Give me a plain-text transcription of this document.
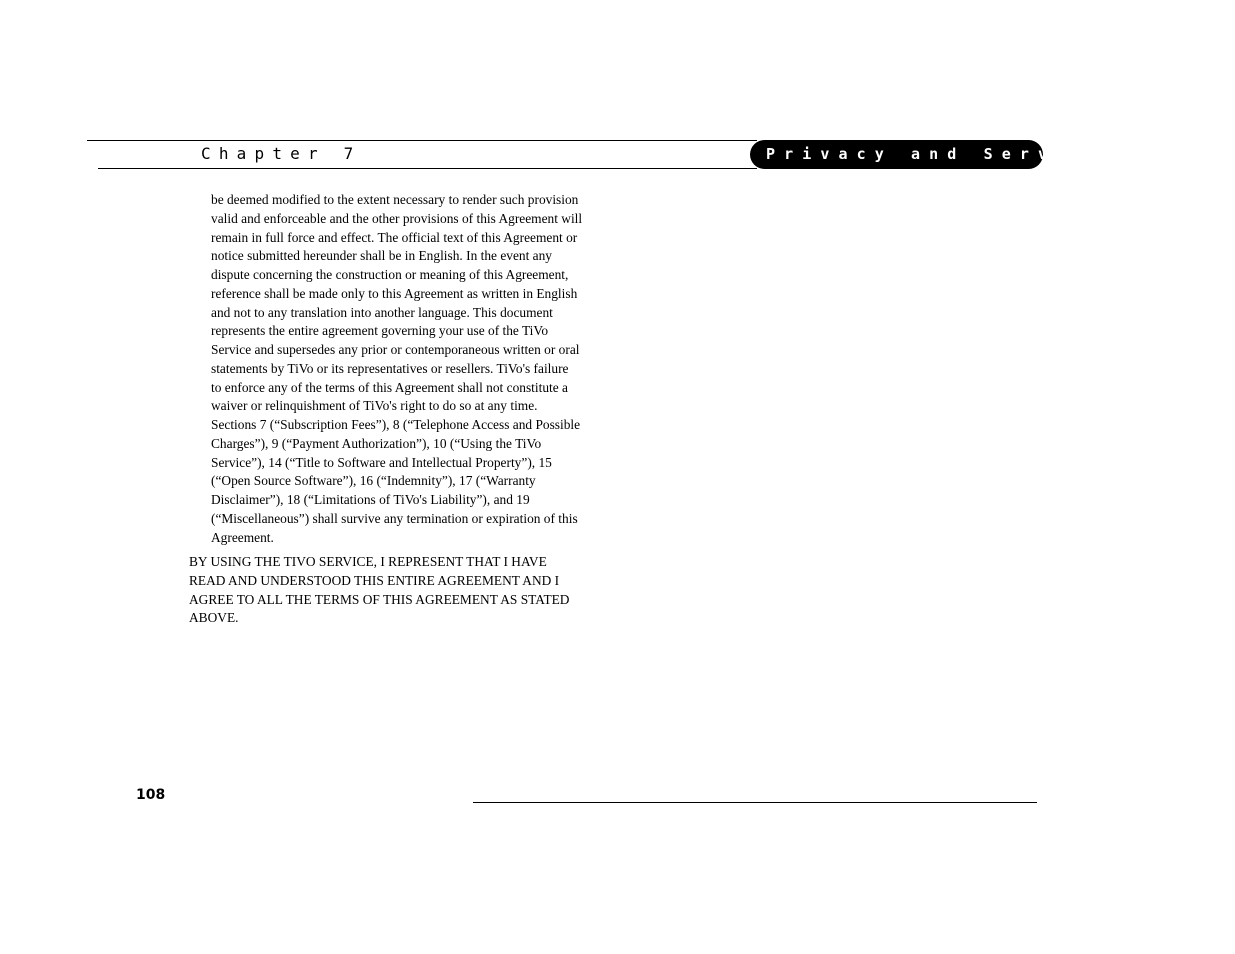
Chapter 7	Privacy and Service

be deemed modified to the extent necessary to render such provision
valid and enforceable and the other provisions of this Agreement will
remain in full force and effect. The official text of this Agreement or
notice submitted hereunder shall be in English. In the event any
dispute concerning the construction or meaning of this Agreement,
reference shall be made only to this Agreement as written in English
and not to any translation into another language. This document
represents the entire agreement governing your use of the TiVo
Service and supersedes any prior or contemporaneous written or oral
statements by TiVo or its representatives or resellers. TiVo's failure
to enforce any of the terms of this Agreement shall not constitute a
waiver or relinquishment of TiVo's right to do so at any time.
Sections 7 (“Subscription Fees”), 8 (“Telephone Access and Possible
Charges”), 9 (“Payment Authorization”), 10 (“Using the TiVo
Service”), 14 (“Title to Software and Intellectual Property”), 15
(“Open Source Software”), 16 (“Indemnity”), 17 (“Warranty
Disclaimer”), 18 (“Limitations of TiVo's Liability”), and 19
(“Miscellaneous”) shall survive any termination or expiration of this
Agreement.

BY USING THE TIVO SERVICE, I REPRESENT THAT I HAVE
READ AND UNDERSTOOD THIS ENTIRE AGREEMENT AND I
AGREE TO ALL THE TERMS OF THIS AGREEMENT AS STATED
ABOVE.

108
